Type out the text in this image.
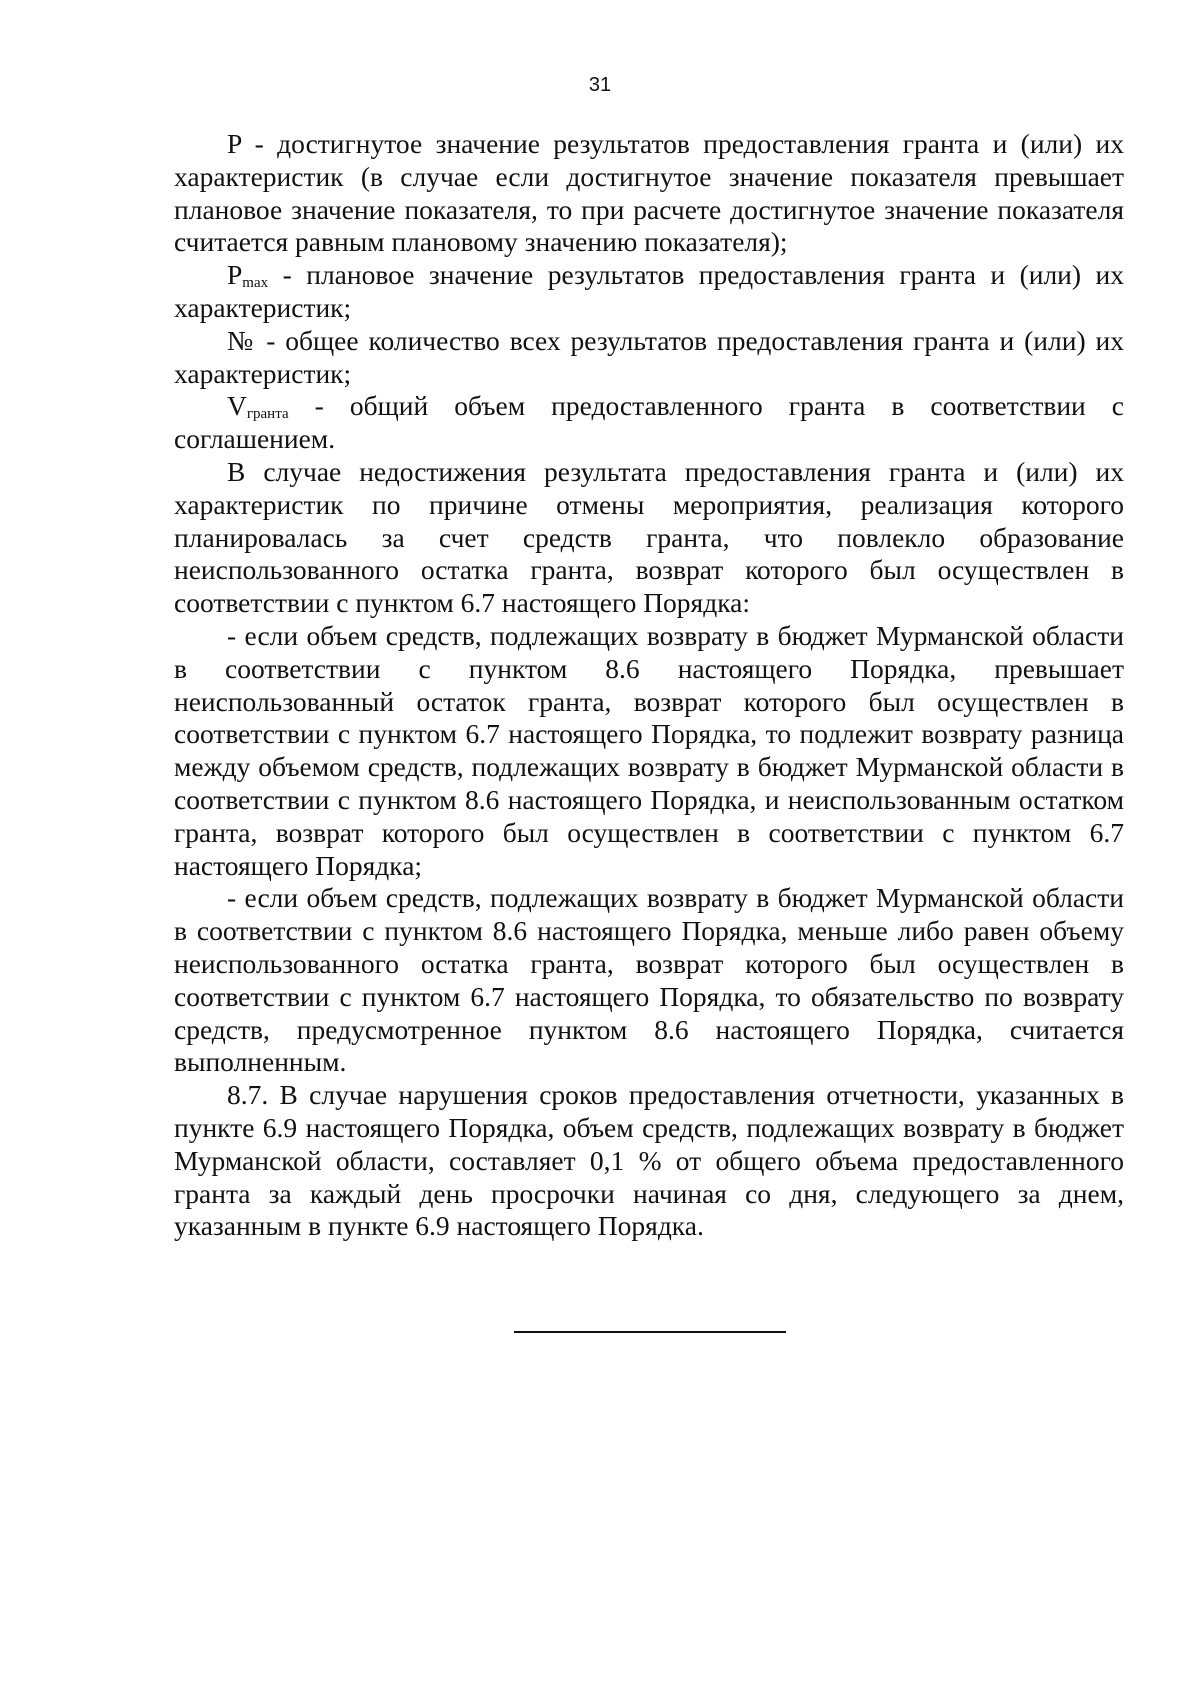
31

P - достигнутое значение результатов предоставления гранта и (или) их характеристик (в случае если достигнутое значение показателя превышает плановое значение показателя, то при расчете достигнутое значение показателя считается равным плановому значению показателя);

$P_{max}$ - плановое значение результатов предоставления гранта и (или) их характеристик;

№ - общее количество всех результатов предоставления гранта и (или) их характеристик;

$V_{гранта}$ - общий объем предоставленного гранта в соответствии с соглашением.

В случае недостижения результата предоставления гранта и (или) их характеристик по причине отмены мероприятия, реализация которого планировалась за счет средств гранта, что повлекло образование неиспользованного остатка гранта, возврат которого был осуществлен в соответствии с пунктом 6.7 настоящего Порядка:

- если объем средств, подлежащих возврату в бюджет Мурманской области в соответствии с пунктом 8.6 настоящего Порядка, превышает неиспользованный остаток гранта, возврат которого был осуществлен в соответствии с пунктом 6.7 настоящего Порядка, то подлежит возврату разница между объемом средств, подлежащих возврату в бюджет Мурманской области в соответствии с пунктом 8.6 настоящего Порядка, и неиспользованным остатком гранта, возврат которого был осуществлен в соответствии с пунктом 6.7 настоящего Порядка;

- если объем средств, подлежащих возврату в бюджет Мурманской области в соответствии с пунктом 8.6 настоящего Порядка, меньше либо равен объему неиспользованного остатка гранта, возврат которого был осуществлен в соответствии с пунктом 6.7 настоящего Порядка, то обязательство по возврату средств, предусмотренное пунктом 8.6 настоящего Порядка, считается выполненным.

8.7. В случае нарушения сроков предоставления отчетности, указанных в пункте 6.9 настоящего Порядка, объем средств, подлежащих возврату в бюджет Мурманской области, составляет 0,1 % от общего объема предоставленного гранта за каждый день просрочки начиная со дня, следующего за днем, указанным в пункте 6.9 настоящего Порядка.
